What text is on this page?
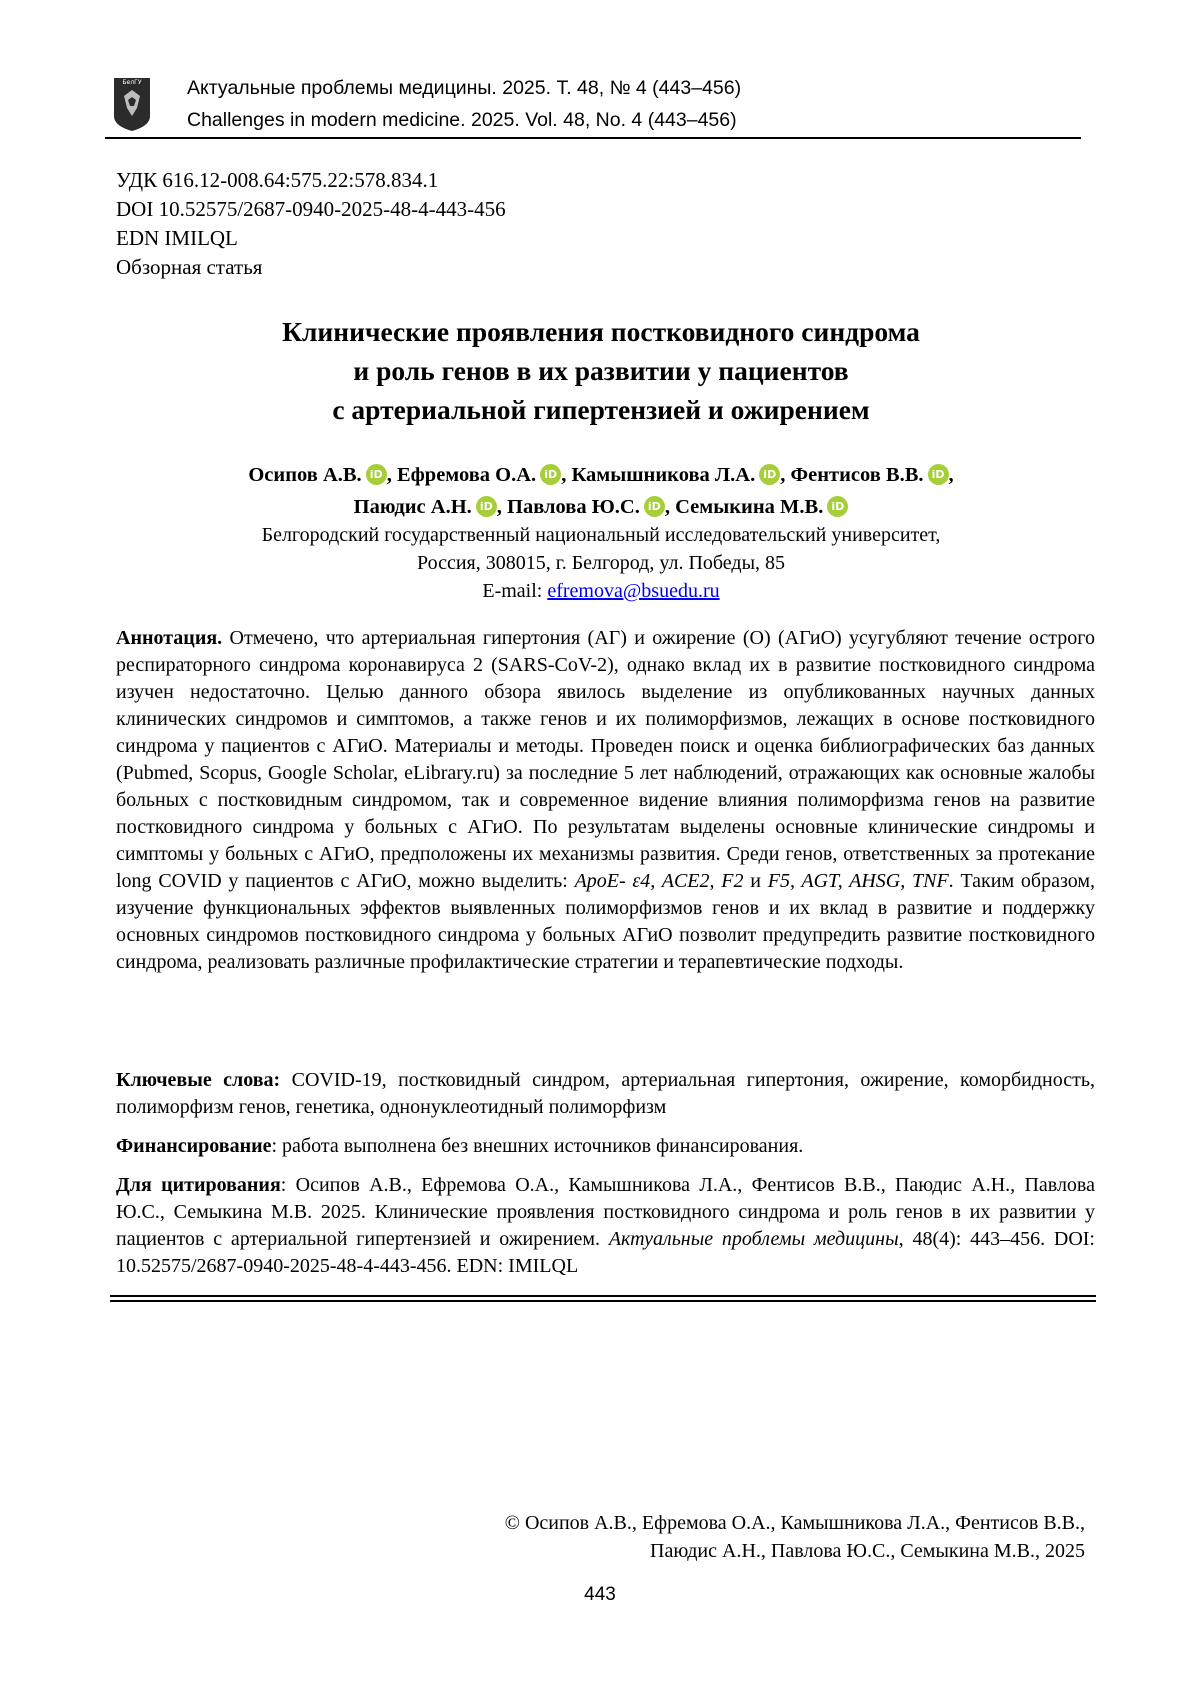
БелГУ Актуальные проблемы медицины. 2025. Т. 48, № 4 (443–456)
Challenges in modern medicine. 2025. Vol. 48, No. 4 (443–456)
УДК 616.12-008.64:575.22:578.834.1
DOI 10.52575/2687-0940-2025-48-4-443-456
EDN IMILQL
Обзорная статья
Клинические проявления постковидного синдрома
и роль генов в их развитии у пациентов
с артериальной гипертензией и ожирением
Осипов А.В. iD , Ефремова О.А. iD , Камышникова Л.А. iD , Фентисов В.В. iD ,
Паюдис А.Н. iD , Павлова Ю.С. iD , Семыкина М.В. iD
Белгородский государственный национальный исследовательский университет,
Россия, 308015, г. Белгород, ул. Победы, 85
E-mail: efremova@bsuedu.ru
Аннотация. Отмечено, что артериальная гипертония (АГ) и ожирение (О) (АГиО) усугубляют течение острого респираторного синдрома коронавируса 2 (SARS-CoV-2), однако вклад их в развитие постковидного синдрома изучен недостаточно. Целью данного обзора явилось выделение из опубликованных научных данных клинических синдромов и симптомов, а также генов и их полиморфизмов, лежащих в основе постковидного синдрома у пациентов с АГиО. Материалы и методы. Проведен поиск и оценка библиографических баз данных (Pubmed, Scopus, Google Scholar, eLibrary.ru) за последние 5 лет наблюдений, отражающих как основные жалобы больных с постковидным синдромом, так и современное видение влияния полиморфизма генов на развитие постковидного синдрома у больных с АГиО. По результатам выделены основные клинические синдромы и симптомы у больных с АГиО, предположены их механизмы развития. Среди генов, ответственных за протекание long COVID у пациентов с АГиО, можно выделить: ApoE- ɛ4, ACE2, F2 и F5, AGT, AHSG, TNF. Таким образом, изучение функциональных эффектов выявленных полиморфизмов генов и их вклад в развитие и поддержку основных синдромов постковидного синдрома у больных АГиО позволит предупредить развитие постковидного синдрома, реализовать различные профилактические стратегии и терапевтические подходы.
Ключевые слова: COVID-19, постковидный синдром, артериальная гипертония, ожирение, коморбидность, полиморфизм генов, генетика, однонуклеотидный полиморфизм
Финансирование: работа выполнена без внешних источников финансирования.
Для цитирования: Осипов А.В., Ефремова О.А., Камышникова Л.А., Фентисов В.В., Паюдис А.Н., Павлова Ю.С., Семыкина М.В. 2025. Клинические проявления постковидного синдрома и роль генов в их развитии у пациентов с артериальной гипертензией и ожирением. Актуальные проблемы медицины, 48(4): 443–456. DOI: 10.52575/2687-0940-2025-48-4-443-456. EDN: IMILQL
© Осипов А.В., Ефремова О.А., Камышникова Л.А., Фентисов В.В.,
Паюдис А.Н., Павлова Ю.С., Семыкина М.В., 2025
443
